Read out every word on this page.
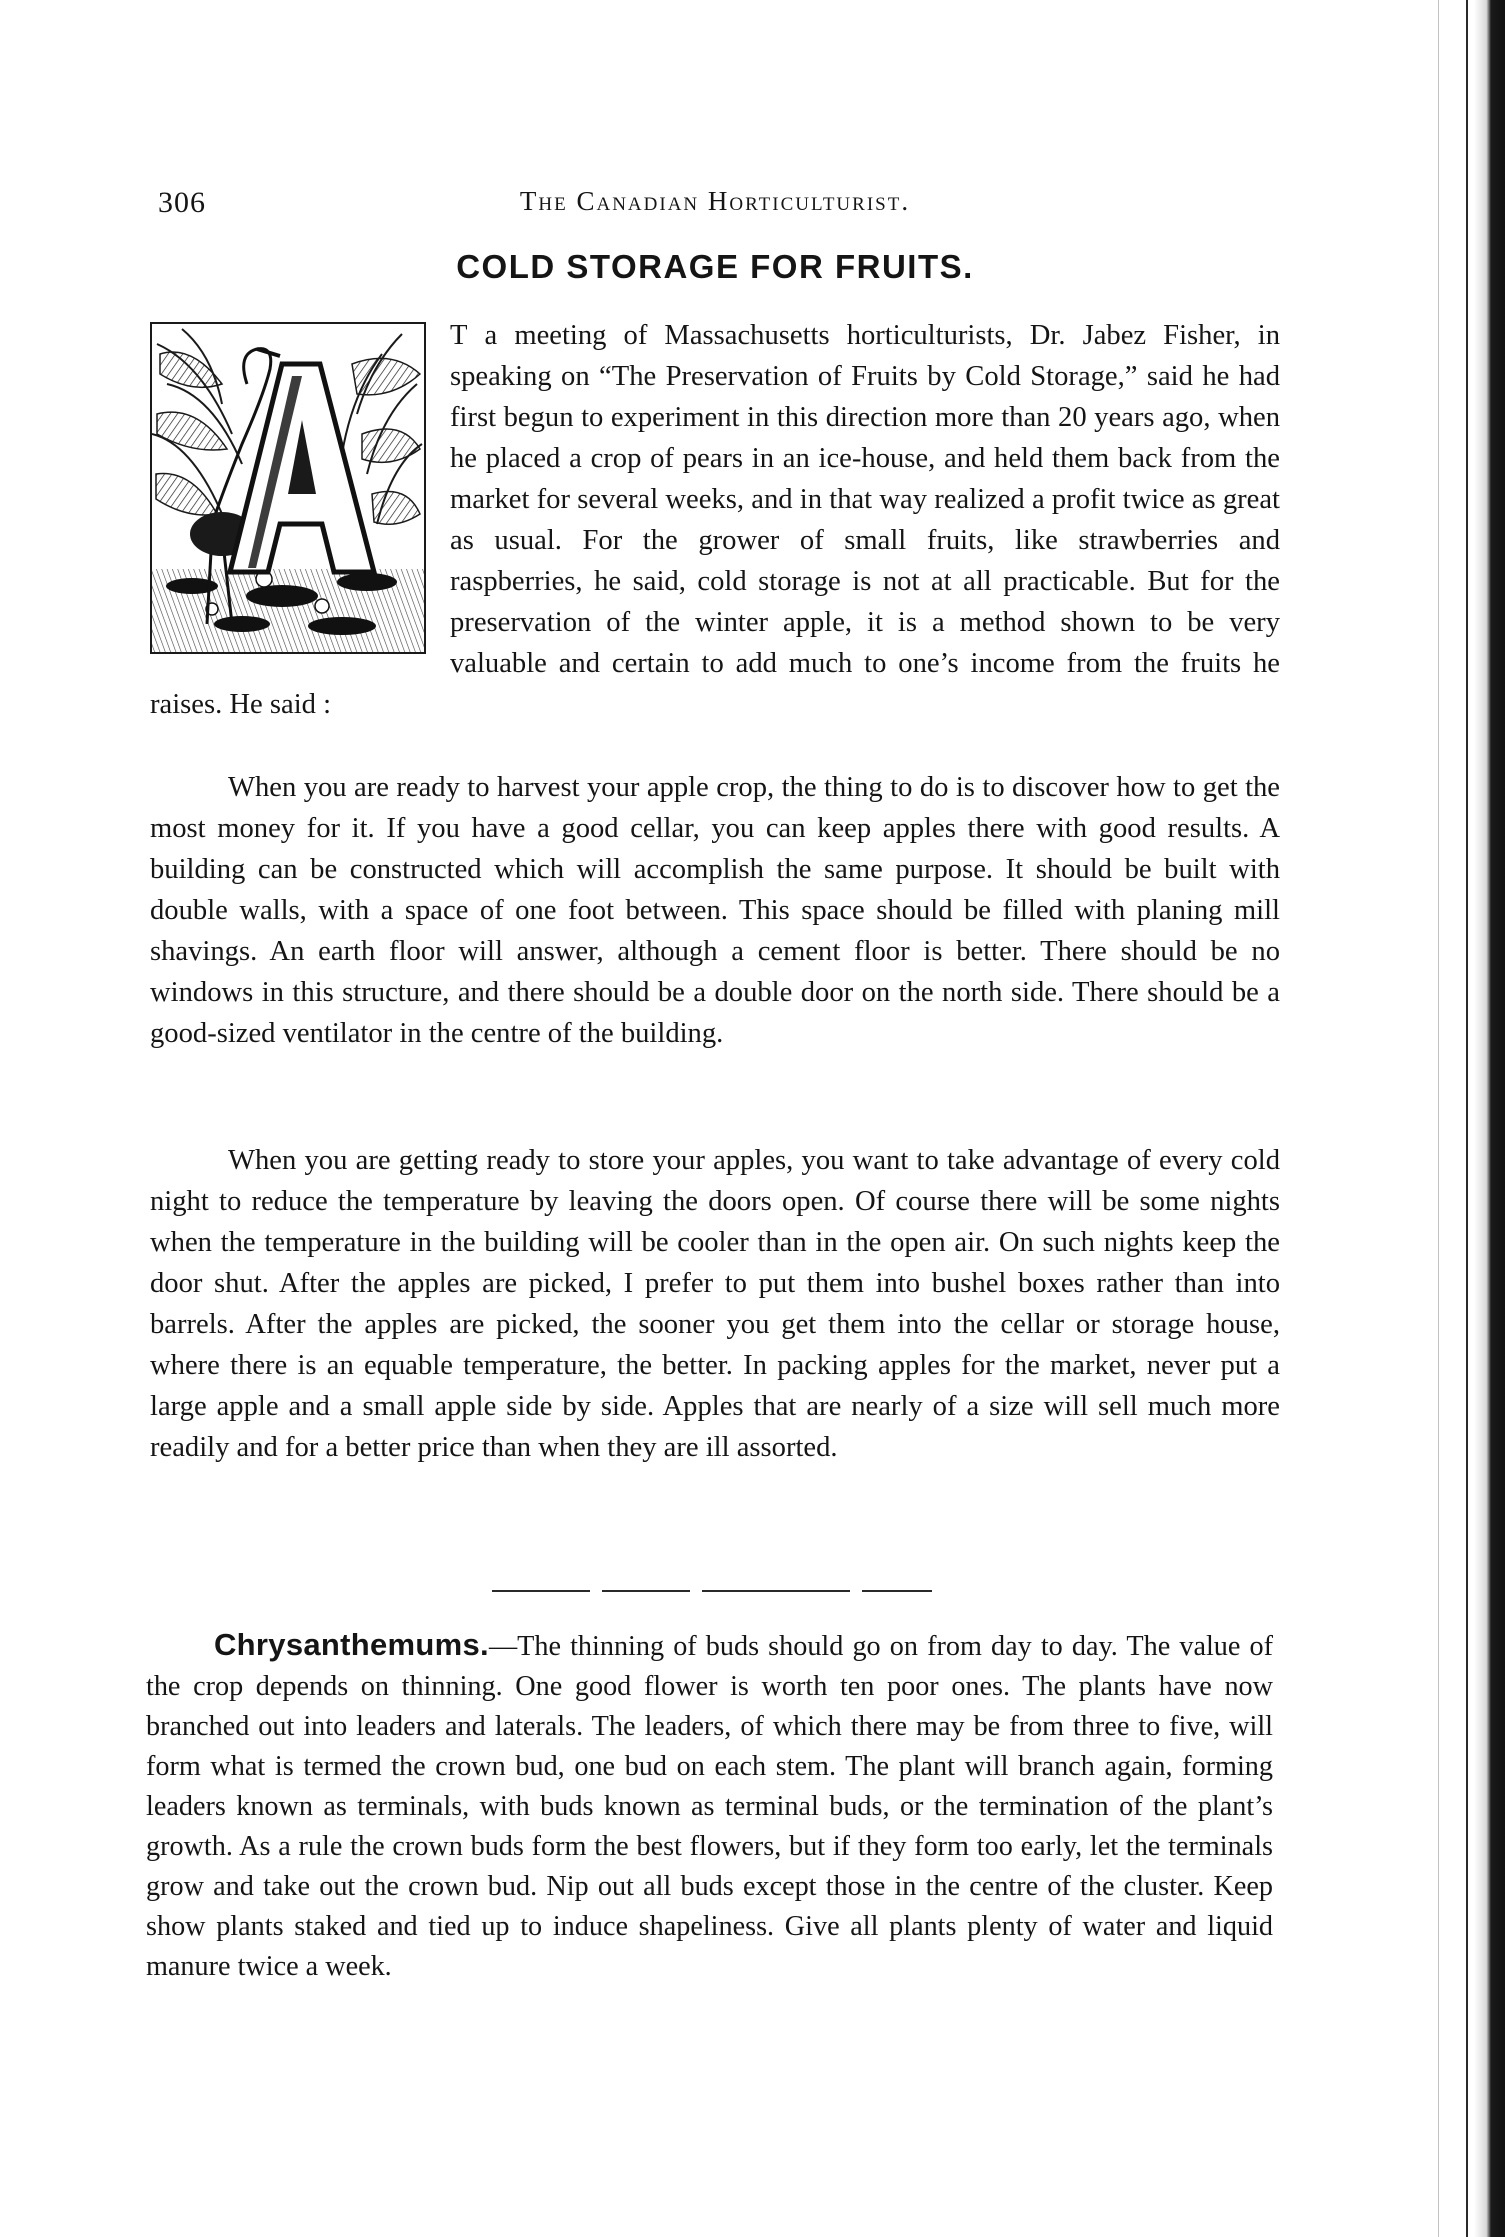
306	The Canadian Horticulturist.
COLD STORAGE FOR FRUITS.

T a meeting of Massachusetts horticulturists, Dr. Jabez Fisher, in speaking on “The Preservation of Fruits by Cold Storage,” said he had first begun to experiment in this direction more than 20 years ago, when he placed a crop of pears in an ice-house, and held them back from the market for several weeks, and in that way realized a profit twice as great as usual. For the grower of small fruits, like strawberries and raspberries, he said, cold storage is not at all practicable. But for the preservation of the winter apple, it is a method shown to be very valuable and certain to add much to one’s income from the fruits he raises. He said :

When you are ready to harvest your apple crop, the thing to do is to discover how to get the most money for it. If you have a good cellar, you can keep apples there with good results. A building can be constructed which will accomplish the same purpose. It should be built with double walls, with a space of one foot between. This space should be filled with planing mill shavings. An earth floor will answer, although a cement floor is better. There should be no windows in this structure, and there should be a double door on the north side. There should be a good-sized ventilator in the centre of the building.

When you are getting ready to store your apples, you want to take advantage of every cold night to reduce the temperature by leaving the doors open. Of course there will be some nights when the temperature in the building will be cooler than in the open air. On such nights keep the door shut. After the apples are picked, I prefer to put them into bushel boxes rather than into barrels. After the apples are picked, the sooner you get them into the cellar or storage house, where there is an equable temperature, the better. In packing apples for the market, never put a large apple and a small apple side by side. Apples that are nearly of a size will sell much more readily and for a better price than when they are ill assorted.

Chrysanthemums.—The thinning of buds should go on from day to day. The value of the crop depends on thinning. One good flower is worth ten poor ones. The plants have now branched out into leaders and laterals. The leaders, of which there may be from three to five, will form what is termed the crown bud, one bud on each stem. The plant will branch again, forming leaders known as terminals, with buds known as terminal buds, or the termination of the plant’s growth. As a rule the crown buds form the best flowers, but if they form too early, let the terminals grow and take out the crown bud. Nip out all buds except those in the centre of the cluster. Keep show plants staked and tied up to induce shapeliness. Give all plants plenty of water and liquid manure twice a week.
